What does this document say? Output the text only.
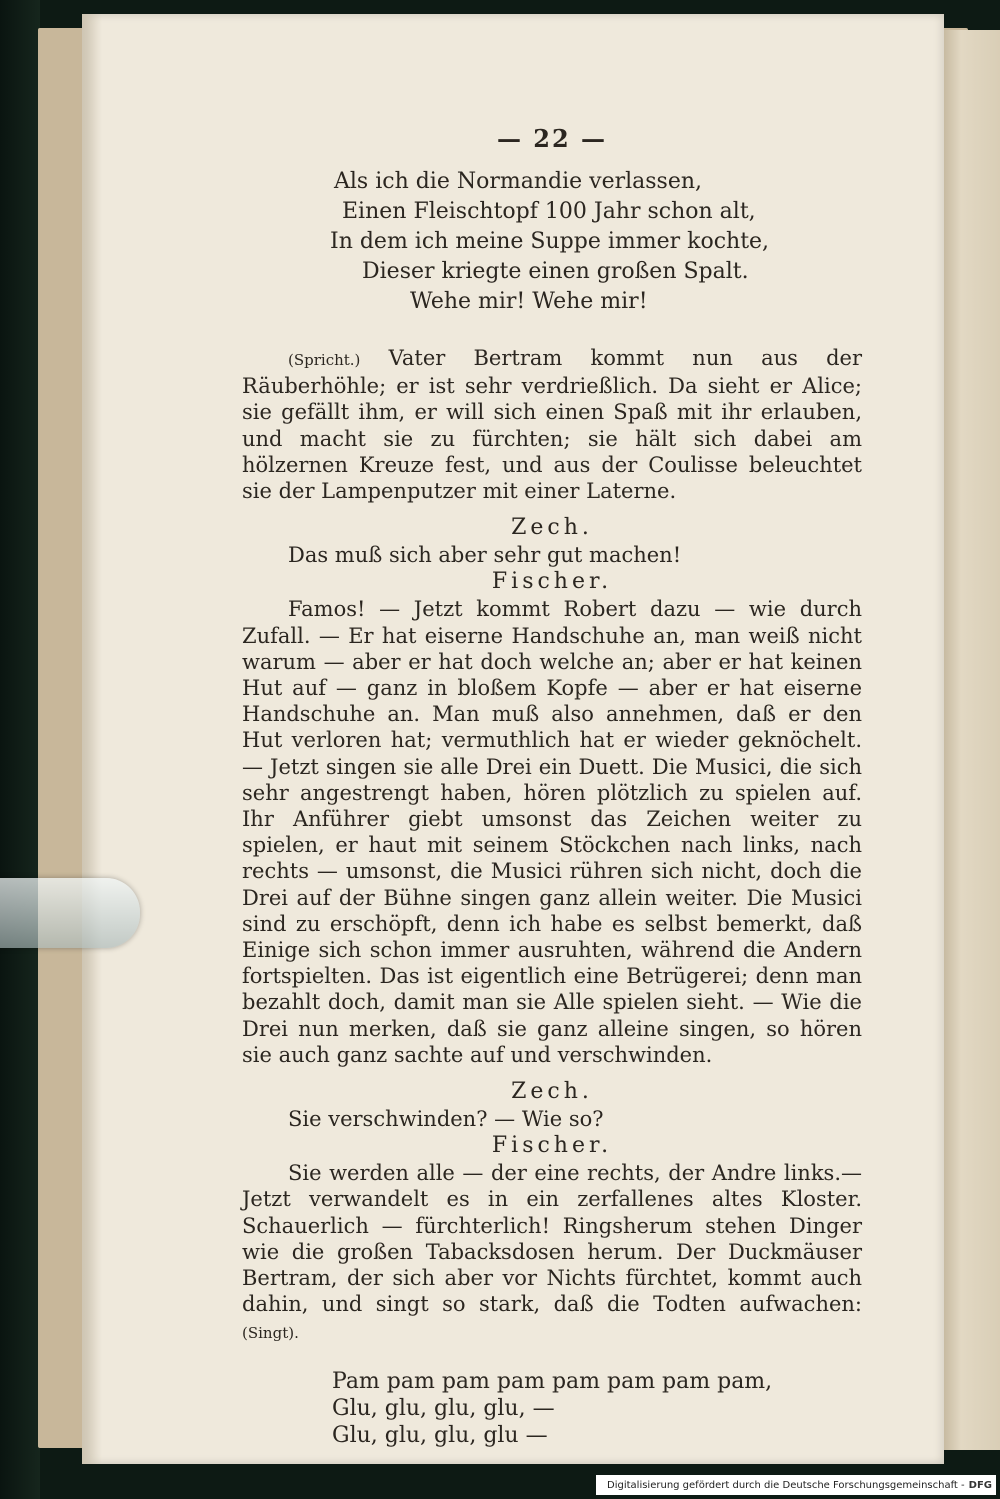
— 22 —
Als ich die Normandie verlassen,
Einen Fleischtopf 100 Jahr schon alt,
In dem ich meine Suppe immer kochte,
Dieser kriegte einen großen Spalt.
Wehe mir! Wehe mir!

(Spricht.) Vater Bertram kommt nun aus der Räuberhöhle; er ist sehr verdrießlich. Da sieht er Alice; sie gefällt ihm, er will sich einen Spaß mit ihr erlauben, und macht sie zu fürchten; sie hält sich dabei am hölzernen Kreuze fest, und aus der Coulisse beleuchtet sie der Lampenputzer mit einer Laterne.

Zech.

Das muß sich aber sehr gut machen!

Fischer.

Famos! — Jetzt kommt Robert dazu — wie durch Zufall. — Er hat eiserne Handschuhe an, man weiß nicht warum — aber er hat doch welche an; aber er hat keinen Hut auf — ganz in bloßem Kopfe — aber er hat eiserne Handschuhe an. Man muß also annehmen, daß er den Hut verloren hat; vermuthlich hat er wieder geknöchelt. — Jetzt singen sie alle Drei ein Duett. Die Musici, die sich sehr angestrengt haben, hören plötzlich zu spielen auf. Ihr Anführer giebt umsonst das Zeichen weiter zu spielen, er haut mit seinem Stöckchen nach links, nach rechts — umsonst, die Musici rühren sich nicht, doch die Drei auf der Bühne singen ganz allein weiter. Die Musici sind zu erschöpft, denn ich habe es selbst bemerkt, daß Einige sich schon immer ausruhten, während die Andern fortspielten. Das ist eigentlich eine Betrügerei; denn man bezahlt doch, damit man sie Alle spielen sieht. — Wie die Drei nun merken, daß sie ganz alleine singen, so hören sie auch ganz sachte auf und verschwinden.

Zech.

Sie verschwinden? — Wie so?

Fischer.

Sie werden alle — der eine rechts, der Andre links.— Jetzt verwandelt es in ein zerfallenes altes Kloster. Schauerlich — fürchterlich! Ringsherum stehen Dinger wie die großen Tabacksdosen herum. Der Duckmäuser Bertram, der sich aber vor Nichts fürchtet, kommt auch dahin, und singt so stark, daß die Todten aufwachen: (Singt).

Pam pam pam pam pam pam pam pam,
Glu, glu, glu, glu, —
Glu, glu, glu, glu —
Digitalisierung gefördert durch die Deutsche Forschungsgemeinschaft - DFG
